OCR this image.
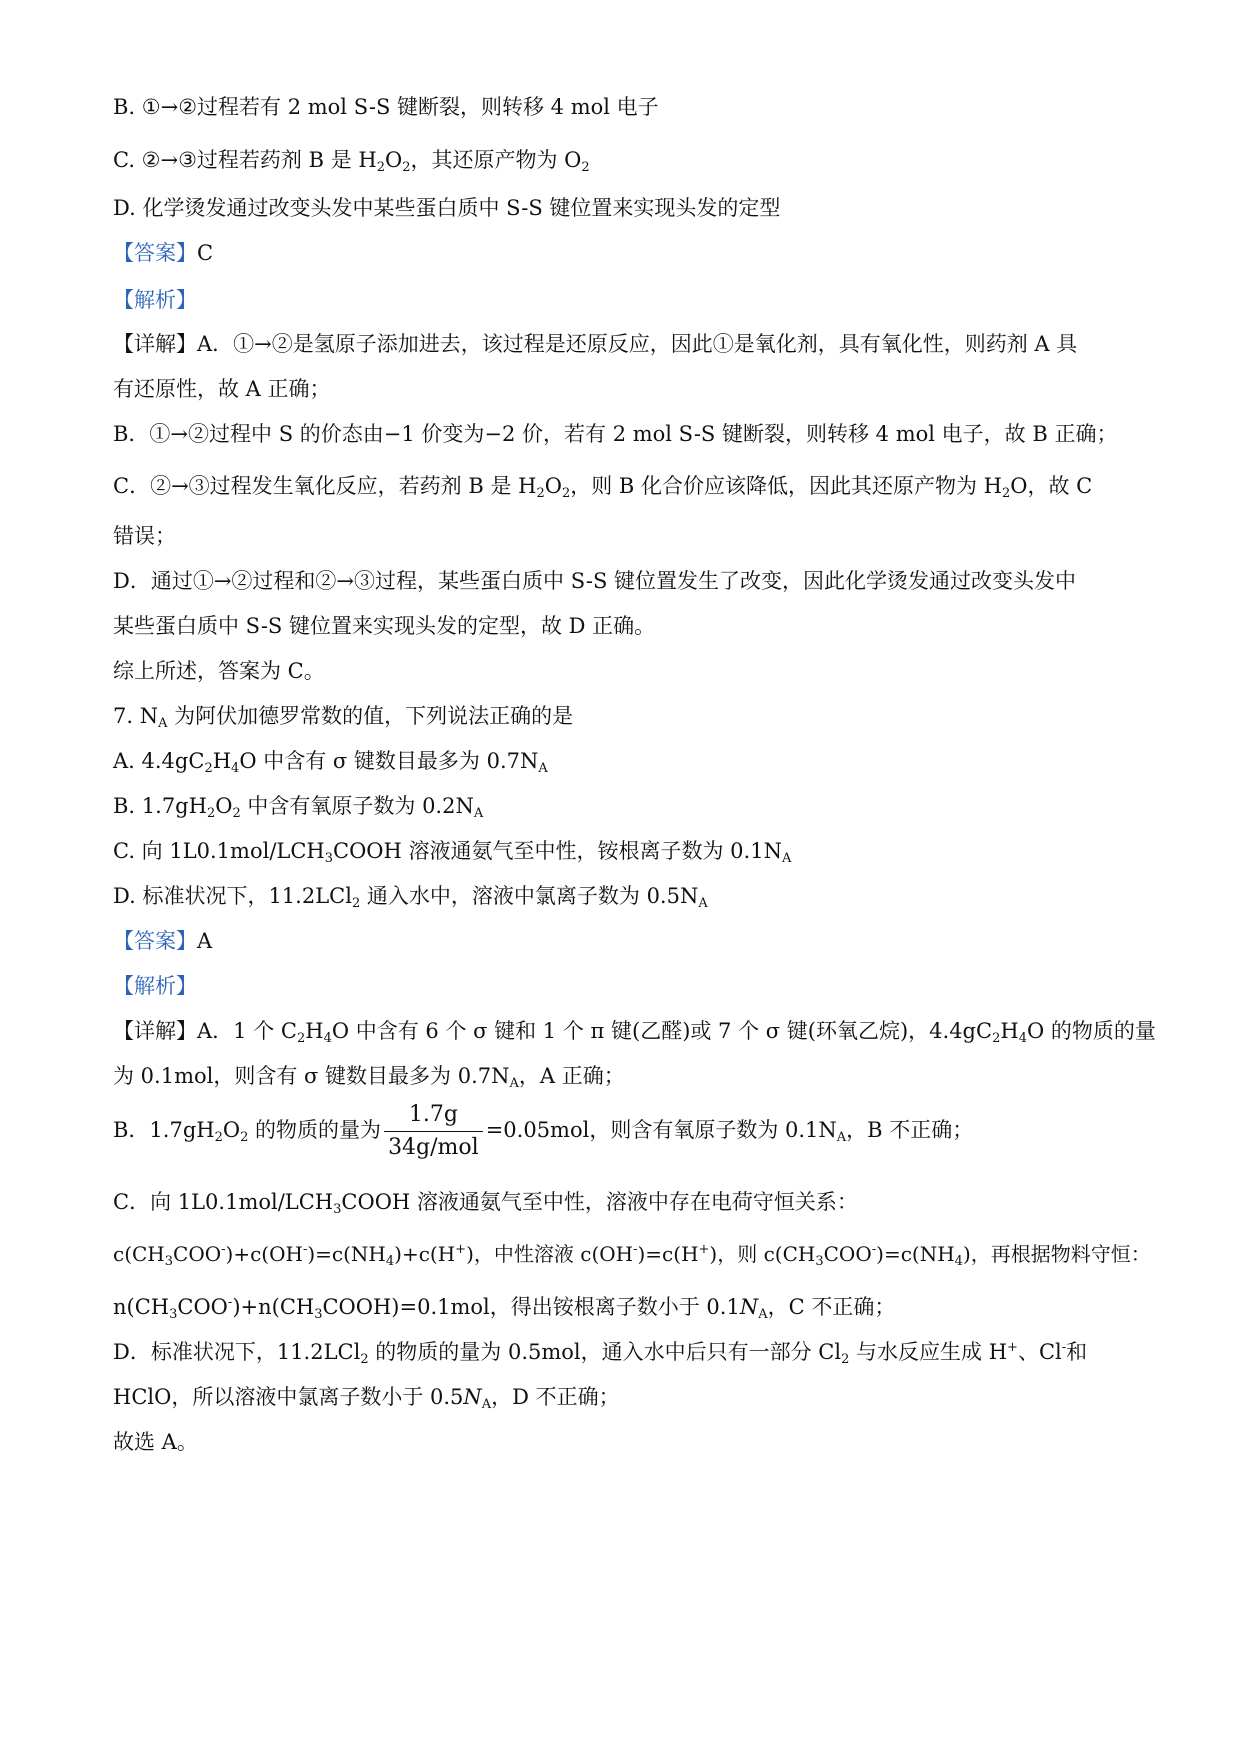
B. ①→②过程若有 2 mol S-S 键断裂，则转移 4 mol 电子
C. ②→③过程若药剂 B 是 $H_2O_2$，其还原产物为 $O_2$
D. 化学烫发通过改变头发中某些蛋白质中 S-S 键位置来实现头发的定型
【答案】C
【解析】
【详解】A．①→②是氢原子添加进去，该过程是还原反应，因此①是氧化剂，具有氧化性，则药剂 A 具
有还原性，故 A 正确；
B．①→②过程中 S 的价态由−1 价变为−2 价，若有 2 mol S-S 键断裂，则转移 4 mol 电子，故 B 正确；
C．②→③过程发生氧化反应，若药剂 B 是 $H_2O_2$，则 B 化合价应该降低，因此其还原产物为 $H_2O$，故 C
错误；
D．通过①→②过程和②→③过程，某些蛋白质中 S-S 键位置发生了改变，因此化学烫发通过改变头发中
某些蛋白质中 S-S 键位置来实现头发的定型，故 D 正确。
综上所述，答案为 C。
7. $N_A$ 为阿伏加德罗常数的值，下列说法正确的是
A. $4.4gC_2H_4O$ 中含有 σ 键数目最多为 $0.7N_A$
B. $1.7gH_2O_2$ 中含有氧原子数为 $0.2N_A$
C. 向 $1L0.1mol/LCH_3COOH$ 溶液通氨气至中性，铵根离子数为 $0.1N_A$
D. 标准状况下，11.2LCl$_2$ 通入水中，溶液中氯离子数为 $0.5N_A$
【答案】A
【解析】
【详解】A．1 个 $C_2H_4O$ 中含有 6 个 σ 键和 1 个 π 键(乙醛)或 7 个 σ 键(环氧乙烷)，$4.4gC_2H_4O$ 的物质的量
为 0.1mol，则含有 σ 键数目最多为 $0.7N_A$，A 正确；
B．$1.7gH_2O_2$ 的物质的量为 $\frac{1.7g}{\text{34g/mol}} =0.05mol$，则含有氧原子数为 $0.1N_A$，B 不正确；
C．向 $1L0.1mol/LCH_3COOH$ 溶液通氨气至中性，溶液中存在电荷守恒关系：
$c(CH_3COO^-)+c(OH^-)=c(NH_4)+c(H^+)$，中性溶液 c(OH-)=c(H+)，则 $c(CH_3COO^-)=c(NH_4)$，再根据物料守恒：
$n(CH_3COO^-)+n(CH_3COOH)=0.1mol$，得出铵根离子数小于 $0.1N_A$，C 不正确；
D．标准状况下，11.2LCl$_2$ 的物质的量为 0.5mol，通入水中后只有一部分 $Cl_2$ 与水反应生成 H+、Cl-和
HClO，所以溶液中氯离子数小于 $0.5N_A$，D 不正确；
故选 A。
